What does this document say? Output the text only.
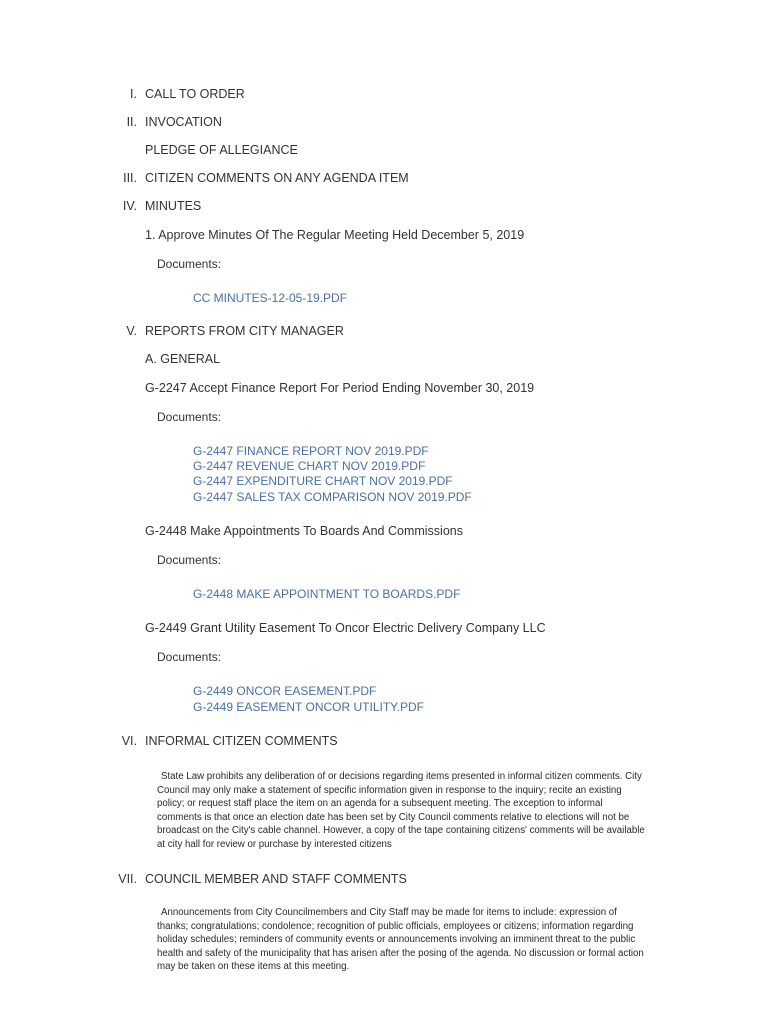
I. CALL TO ORDER
II. INVOCATION
PLEDGE OF ALLEGIANCE
III. CITIZEN COMMENTS ON ANY AGENDA ITEM
IV. MINUTES
1. Approve Minutes Of The Regular Meeting Held December 5, 2019
Documents:
CC MINUTES-12-05-19.PDF
V. REPORTS FROM CITY MANAGER
A. GENERAL
G-2247 Accept Finance Report For Period Ending November 30, 2019
Documents:
G-2447 FINANCE REPORT NOV 2019.PDF
G-2447 REVENUE CHART NOV 2019.PDF
G-2447 EXPENDITURE CHART NOV 2019.PDF
G-2447 SALES TAX COMPARISON NOV 2019.PDF
G-2448 Make Appointments To Boards And Commissions
Documents:
G-2448 MAKE APPOINTMENT TO BOARDS.PDF
G-2449 Grant Utility Easement To Oncor Electric Delivery Company LLC
Documents:
G-2449 ONCOR EASEMENT.PDF
G-2449 EASEMENT ONCOR UTILITY.PDF
VI. INFORMAL CITIZEN COMMENTS
State Law prohibits any deliberation of or decisions regarding items presented in informal citizen comments. City Council may only make a statement of specific information given in response to the inquiry; recite an existing policy; or request staff place the item on an agenda for a subsequent meeting. The exception to informal comments is that once an election date has been set by City Council comments relative to elections will not be broadcast on the City's cable channel. However, a copy of the tape containing citizens' comments will be available at city hall for review or purchase by interested citizens
VII. COUNCIL MEMBER AND STAFF COMMENTS
Announcements from City Councilmembers and City Staff may be made for items to include: expression of thanks; congratulations; condolence; recognition of public officials, employees or citizens; information regarding holiday schedules; reminders of community events or announcements involving an imminent threat to the public health and safety of the municipality that has arisen after the posing of the agenda. No discussion or formal action may be taken on these items at this meeting.
